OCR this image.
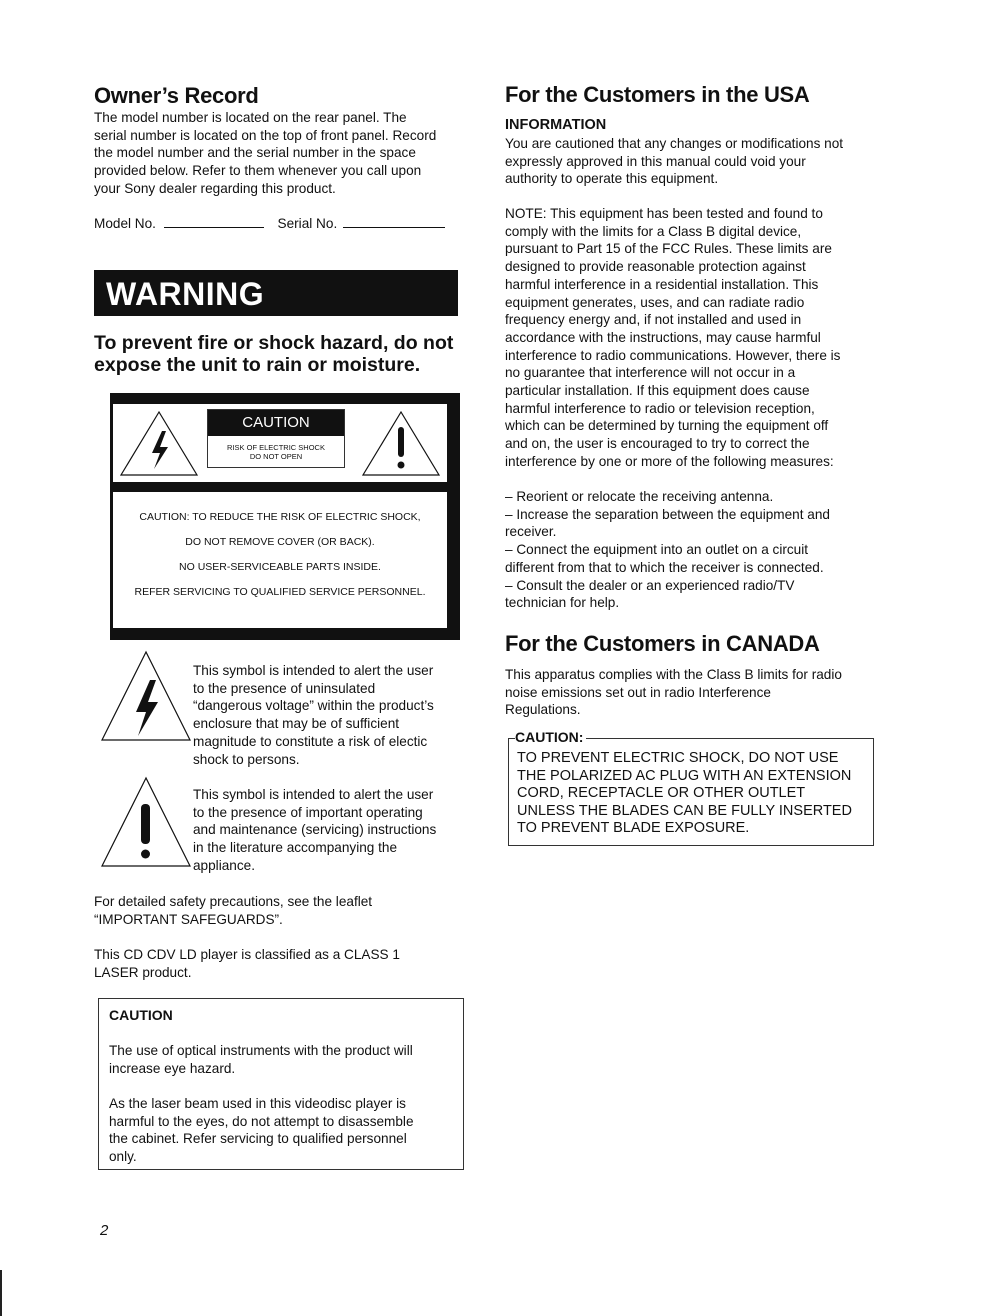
Owner’s Record
The model number is located on the rear panel. The
serial number is located on the top of front panel. Record
the model number and the serial number in the space
provided below. Refer to them whenever you call upon
your Sony dealer regarding this product.
Model No.	Serial No.
WARNING
To prevent fire or shock hazard, do not
expose the unit to rain or moisture.
CAUTION
RISK OF ELECTRIC SHOCK
DO NOT OPEN
CAUTION: TO REDUCE THE RISK OF ELECTRIC SHOCK,
DO NOT REMOVE COVER (OR BACK).
NO USER-SERVICEABLE PARTS INSIDE.
REFER SERVICING TO QUALIFIED SERVICE PERSONNEL.
This symbol is intended to alert the user
to the presence of uninsulated
“dangerous voltage” within the product’s
enclosure that may be of sufficient
magnitude to constitute a risk of electic
shock to persons.
This symbol is intended to alert the user
to the presence of important operating
and maintenance (servicing) instructions
in the literature accompanying the
appliance.
For detailed safety precautions, see the leaflet
“IMPORTANT SAFEGUARDS”.
This CD CDV LD player is classified as a CLASS 1
LASER product.
CAUTION
The use of optical instruments with the product will
increase eye hazard.
As the laser beam used in this videodisc player is
harmful to the eyes, do not attempt to disassemble
the cabinet. Refer servicing to qualified personnel
only.
2
For the Customers in the USA
INFORMATION
You are cautioned that any changes or modifications not
expressly approved in this manual could void your
authority to operate this equipment.
NOTE: This equipment has been tested and found to
comply with the limits for a Class B digital device,
pursuant to Part 15 of the FCC Rules. These limits are
designed to provide reasonable protection against
harmful interference in a residential installation. This
equipment generates, uses, and can radiate radio
frequency energy and, if not installed and used in
accordance with the instructions, may cause harmful
interference to radio communications. However, there is
no guarantee that interference will not occur in a
particular installation. If this equipment does cause
harmful interference to radio or television reception,
which can be determined by turning the equipment off
and on, the user is encouraged to try to correct the
interference by one or more of the following measures:
– Reorient or relocate the receiving antenna.
– Increase the separation between the equipment and
receiver.
– Connect the equipment into an outlet on a circuit
different from that to which the receiver is connected.
– Consult the dealer or an experienced radio/TV
technician for help.
For the Customers in CANADA
This apparatus complies with the Class B limits for radio
noise emissions set out in radio Interference
Regulations.
CAUTION:
TO PREVENT ELECTRIC SHOCK, DO NOT USE
THE POLARIZED AC PLUG WITH AN EXTENSION
CORD, RECEPTACLE OR OTHER OUTLET
UNLESS THE BLADES CAN BE FULLY INSERTED
TO PREVENT BLADE EXPOSURE.
